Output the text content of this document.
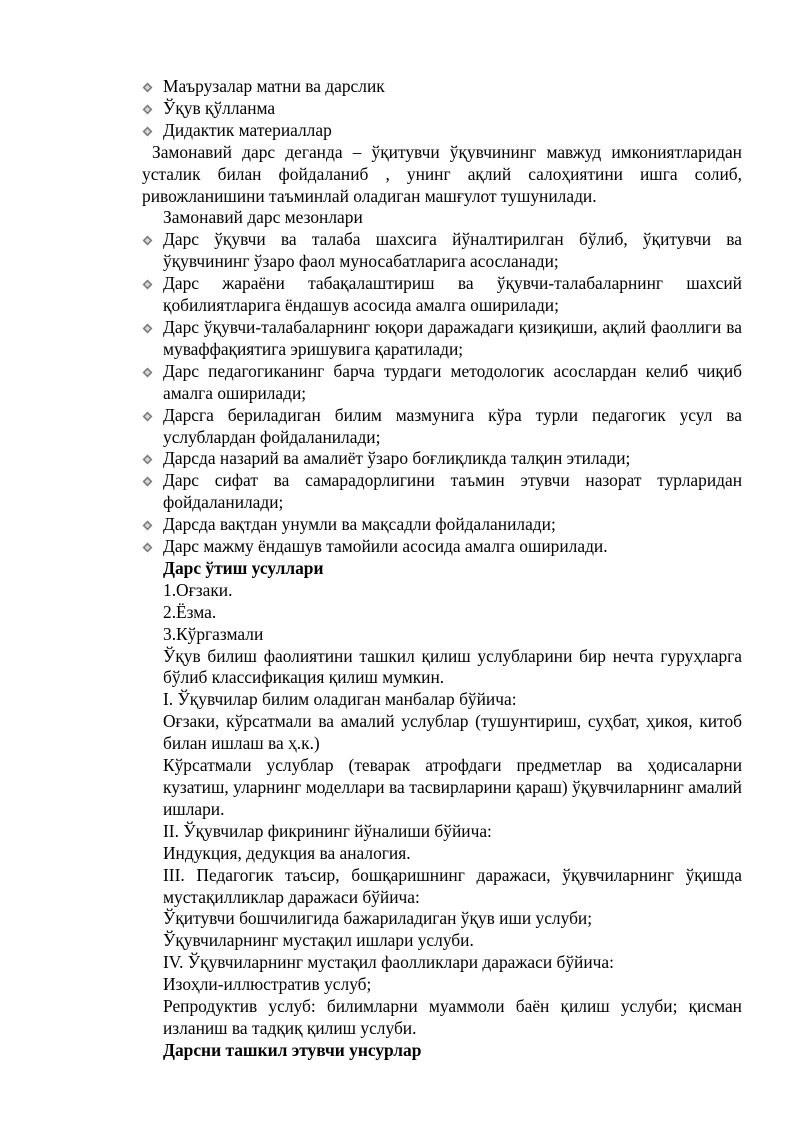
Маърузалар матни ва дарслик
Ўқув қўлланма
Дидактик материаллар
Замонавий дарс деганда – ўқитувчи ўқувчининг мавжуд имкониятларидан усталик билан фойдаланиб , унинг ақлий салоҳиятини ишга солиб, ривожланишини таъминлай оладиган машғулот тушунилади.
Замонавий дарс мезонлари
Дарс ўқувчи ва талаба шахсига йўналтирилган бўлиб, ўқитувчи ва ўқувчининг ўзаро фаол муносабатларига асосланади;
Дарс жараёни табақалаштириш ва ўқувчи-талабаларнинг шахсий қобилиятларига ёндашув асосида амалга оширилади;
Дарс ўқувчи-талабаларнинг юқори даражадаги қизиқиши, ақлий фаоллиги ва муваффақиятига эришувига қаратилади;
Дарс педагогиканинг барча турдаги методологик асослардан келиб чиқиб амалга оширилади;
Дарсга бериладиган билим мазмунига кўра турли педагогик усул ва услублардан фойдаланилади;
Дарсда назарий ва амалиёт ўзаро боғлиқликда талқин этилади;
Дарс сифат ва самарадорлигини таъмин этувчи назорат турларидан фойдаланилади;
Дарсда вақтдан унумли ва мақсадли фойдаланилади;
Дарс мажму ёндашув тамойили асосида амалга оширилади.
Дарс ўтиш усуллари
1.Оғзаки.
2.Ёзма.
3.Кўргазмали
Ўқув билиш фаолиятини ташкил қилиш услубларини бир нечта гуруҳларга бўлиб классификация қилиш мумкин.
I. Ўқувчилар билим оладиган манбалар бўйича:
Оғзаки, кўрсатмали ва амалий услублар (тушунтириш, суҳбат, ҳикоя, китоб билан ишлаш ва ҳ.к.)
Кўрсатмали услублар (теварак атрофдаги предметлар ва ҳодисаларни кузатиш, уларнинг моделлари ва тасвирларини қараш) ўқувчиларнинг амалий ишлари.
II. Ўқувчилар фикрининг йўналиши бўйича:
Индукция, дедукция ва аналогия.
III. Педагогик таъсир, бошқаришнинг даражаси, ўқувчиларнинг ўқишда мустақилликлар даражаси бўйича:
Ўқитувчи бошчилигида бажариладиган ўқув иши услуби;
Ўқувчиларнинг мустақил ишлари услуби.
IV. Ўқувчиларнинг мустақил фаолликлари даражаси бўйича:
Изоҳли-иллюстратив услуб;
Репродуктив услуб: билимларни муаммоли баён қилиш услуби; қисман изланиш ва тадқиқ қилиш услуби.
Дарсни ташкил этувчи унсурлар
